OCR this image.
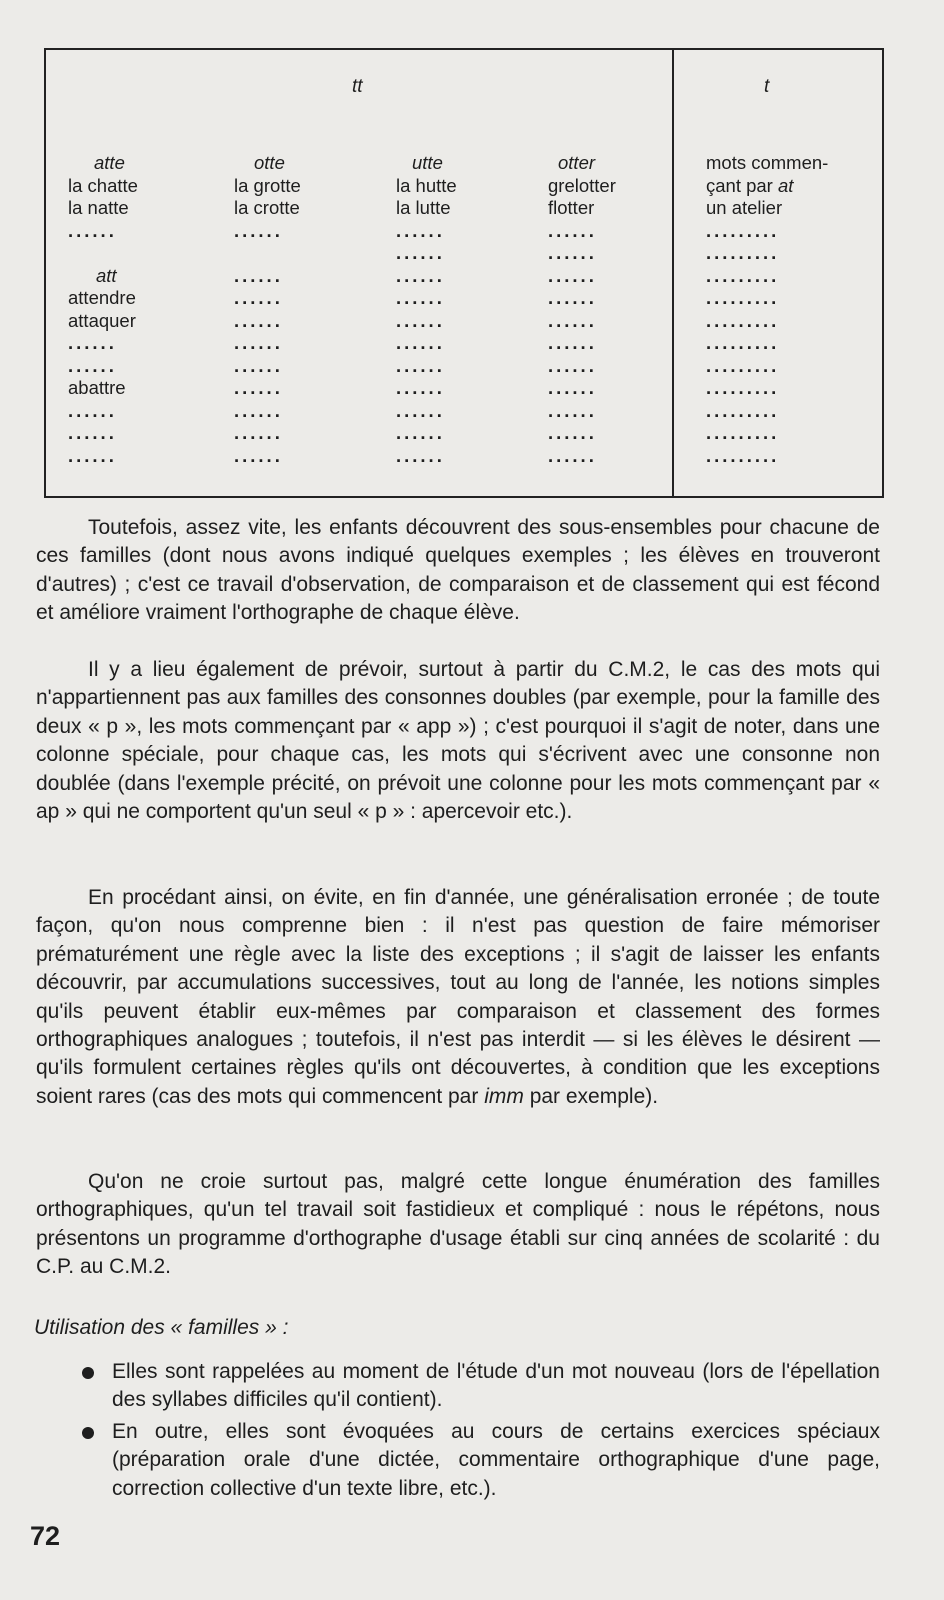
tt	t
atte
la chatte
la natte
......
att
attendre
attaquer
......
......
abattre
......
......
......
otte
la grotte
la crotte
......
......
......
......
......
......
......
......
......
......
utte
la hutte
la lutte
......
......
......
......
......
......
......
......
......
......
......
otter
grelotter
flotter
......
......
......
......
......
......
......
......
......
......
......
mots commen-
çant par at
un atelier
.........
.........
.........
.........
.........
.........
.........
.........
.........
.........
.........

Toutefois, assez vite, les enfants découvrent des sous-ensembles pour chacune de ces familles (dont nous avons indiqué quelques exemples ; les élèves en trouveront d'autres) ; c'est ce travail d'observation, de comparaison et de classement qui est fécond et améliore vraiment l'orthographe de chaque élève.

Il y a lieu également de prévoir, surtout à partir du C.M.2, le cas des mots qui n'appartiennent pas aux familles des consonnes doubles (par exemple, pour la famille des deux « p », les mots commençant par « app ») ; c'est pourquoi il s'agit de noter, dans une colonne spéciale, pour chaque cas, les mots qui s'écrivent avec une consonne non doublée (dans l'exemple précité, on prévoit une colonne pour les mots commençant par « ap » qui ne comportent qu'un seul « p » : apercevoir etc.).

En procédant ainsi, on évite, en fin d'année, une généralisation erronée ; de toute façon, qu'on nous comprenne bien : il n'est pas question de faire mémoriser prématurément une règle avec la liste des exceptions ; il s'agit de laisser les enfants découvrir, par accumulations successives, tout au long de l'année, les notions simples qu'ils peuvent établir eux-mêmes par comparaison et classement des formes orthographiques analogues ; toutefois, il n'est pas interdit — si les élèves le désirent — qu'ils formulent certaines règles qu'ils ont découvertes, à condition que les exceptions soient rares (cas des mots qui commencent par imm par exemple).

Qu'on ne croie surtout pas, malgré cette longue énumération des familles orthographiques, qu'un tel travail soit fastidieux et compliqué : nous le répétons, nous présentons un programme d'orthographe d'usage établi sur cinq années de scolarité : du C.P. au C.M.2.

Utilisation des « familles » :
Elles sont rappelées au moment de l'étude d'un mot nouveau (lors de l'épellation des syllabes difficiles qu'il contient).
En outre, elles sont évoquées au cours de certains exercices spéciaux (préparation orale d'une dictée, commentaire orthographique d'une page, correction collective d'un texte libre, etc.).
72
